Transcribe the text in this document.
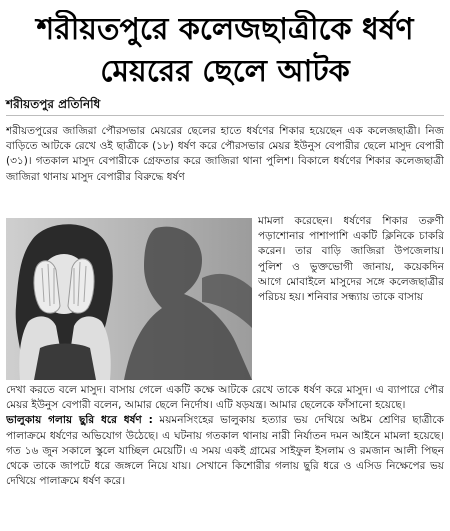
শরীয়তপুরে কলেজছাত্রীকে ধর্ষণ
মেয়রের ছেলে আটক
শরীয়তপুর প্রতিনিধি
শরীয়তপুরের জাজিরা পৌরসভার মেয়রের ছেলের হাতে ধর্ষণের শিকার হয়েছেন এক কলেজছাত্রী। নিজ বাড়িতে আটকে রেখে ওই ছাত্রীকে (১৮) ধর্ষণ করে পৌরসভার মেয়র ইউনুস বেপারীর ছেলে মাসুদ বেপারী (৩১)। গতকাল মাসুদ বেপারীকে গ্রেফতার করে জাজিরা থানা পুলিশ। বিকালে ধর্ষণের শিকার কলেজছাত্রী জাজিরা থানায় মাসুদ বেপারীর বিরুদ্ধে ধর্ষণ
মামলা করেছেন। ধর্ষণের শিকার তরুণী পড়াশোনার পাশাপাশি একটি ক্লিনিকে চাকরি করেন। তার বাড়ি জাজিরা উপজেলায়। পুলিশ ও ভুক্তভোগী জানায়, কয়েকদিন আগে মোবাইলে মাসুদের সঙ্গে কলেজছাত্রীর পরিচয় হয়। শনিবার সন্ধ্যায় তাকে বাসায়
দেখা করতে বলে মাসুদ। বাসায় গেলে একটি কক্ষে আটকে রেখে তাকে ধর্ষণ করে মাসুদ। এ ব্যাপারে পৌর মেয়র ইউনুস বেপারী বলেন, আমার ছেলে নির্দোষ। এটি ষড়যন্ত্র। আমার ছেলেকে ফাঁসানো হয়েছে।
ভালুকায় গলায় ছুরি ধরে ধর্ষণ : ময়মনসিংহের ভালুকায় হত্যার ভয় দেখিয়ে অষ্টম শ্রেণির ছাত্রীকে পালাক্রমে ধর্ষণের অভিযোগ উঠেছে। এ ঘটনায় গতকাল থানায় নারী নির্যাতন দমন আইনে মামলা হয়েছে। গত ১৬ জুন সকালে স্কুলে যাচ্ছিল মেয়েটি। এ সময় একই গ্রামের সাইফুল ইসলাম ও রমজান আলী পিছন থেকে তাকে জাপটে ধরে জঙ্গলে নিয়ে যায়। সেখানে কিশোরীর গলায় ছুরি ধরে ও এসিড নিক্ষেপের ভয় দেখিয়ে পালাক্রমে ধর্ষণ করে।
